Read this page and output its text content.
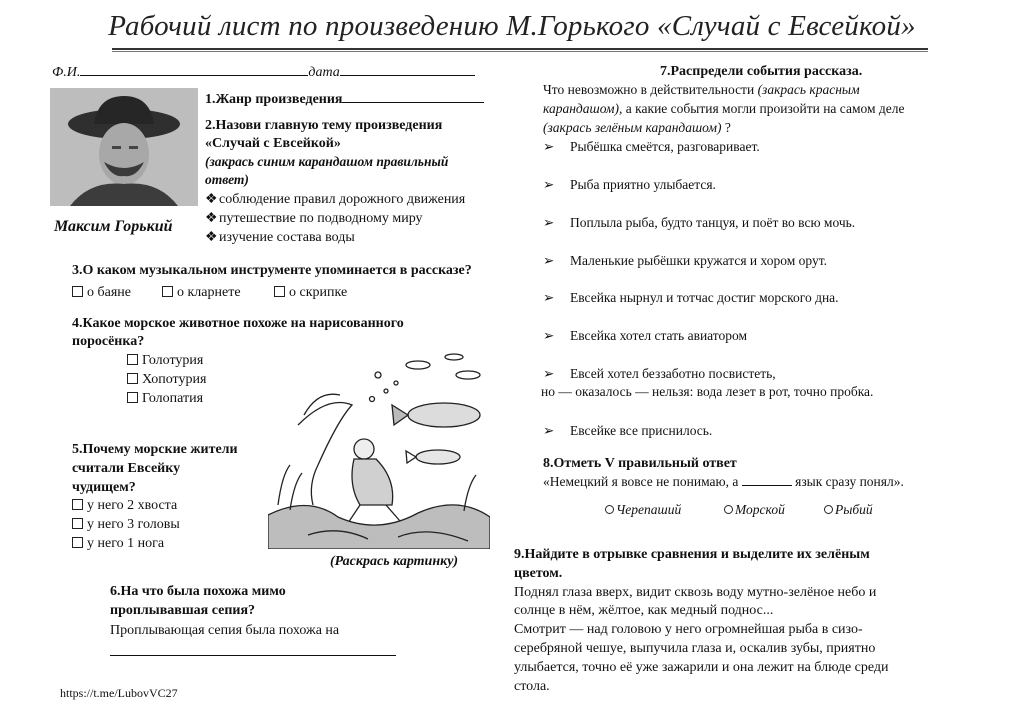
Рабочий лист по произведению М.Горького «Случай с Евсейкой»
Ф.И.	дата
Максим Горький
1.Жанр произведения
2.Назови главную тему произведения
«Случай с Евсейкой»
(закрась синим карандашом правильный
ответ)
❖соблюдение правил дорожного движения
❖путешествие по подводному миру
❖изучение состава воды
3.О каком музыкальном инструменте упоминается в рассказе?
о баяне	о кларнете	о скрипке
4.Какое морское животное похоже на нарисованного
поросёнка?
Голотурия
Хопотурия
Голопатия
(Раскрась картинку)
5.Почему морские жители
считали Евсейку
чудищем?
у него 2 хвоста
у него 3 головы
у него 1 нога
6.На что была похожа мимо
проплывавшая сепия?
Проплывающая сепия была похожа на
https://t.me/LubovVC27
7.Распредели события рассказа.
Что невозможно в действительности (закрась красным
карандашом), а какие события могли произойти на самом деле
(закрась зелёным карандашом) ?
➢ Рыбёшка смеётся, разговаривает.
➢ Рыба приятно улыбается.
➢ Поплыла рыба, будто танцуя, и поёт во всю мочь.
➢ Маленькие рыбёшки кружатся и хором орут.
➢ Евсейка нырнул и тотчас достиг морского дна.
➢ Евсейка хотел стать авиатором
➢ Евсей хотел беззаботно посвистеть,
но — оказалось — нельзя: вода лезет в рот, точно пробка.
➢ Евсейке все приснилось.
8.Отметь V правильный ответ
«Немецкий я вовсе не понимаю, а	язык сразу понял».
Черепаший	Морской	Рыбий
9.Найдите в отрывке сравнения и выделите их зелёным
цветом.
Поднял глаза вверх, видит сквозь воду мутно-зелёное небо и
солнце в нём, жёлтое, как медный поднос...
Смотрит — над головою у него огромнейшая рыба в сизо-
серебряной чешуе, выпучила глаза и, оскалив зубы, приятно
улыбается, точно её уже зажарили и она лежит на блюде среди
стола.
